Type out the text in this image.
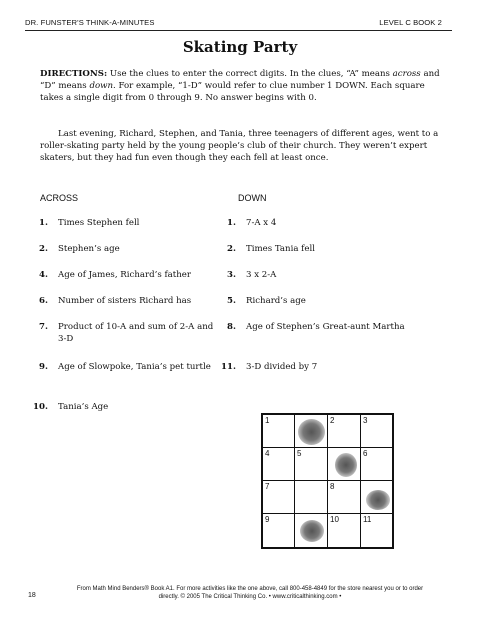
DR. FUNSTER'S THINK-A-MINUTES	LEVEL C BOOK 2
Skating Party
DIRECTIONS: Use the clues to enter the correct digits. In the clues, “A” means across and “D” means down. For example, “1-D” would refer to clue number 1 DOWN. Each square takes a single digit from 0 through 9. No answer begins with 0.
Last evening, Richard, Stephen, and Tania, three teenagers of different ages, went to a roller-skating party held by the young people’s club of their church. They weren’t expert skaters, but they had fun even though they each fell at least once.
ACROSS	DOWN
1. Times Stephen fell
2. Stephen’s age
4. Age of James, Richard’s father
6. Number of sisters Richard has
7. Product of 10-A and sum of 2-A and 3-D
9. Age of Slowpoke, Tania’s pet turtle
10. Tania’s Age
1. 7-A x 4
2. Times Tania fell
3. 3 x 2-A
5. Richard’s age
8. Age of Stephen’s Great-aunt Martha
11. 3-D divided by 7
1	2	3
4	5	6
7	8
9	10	11
18
From Math Mind Benders® Book A1. For more activities like the one above, call 800-458-4849 for the store nearest you or to order directly. © 2005 The Critical Thinking Co. • www.criticalthinking.com •
